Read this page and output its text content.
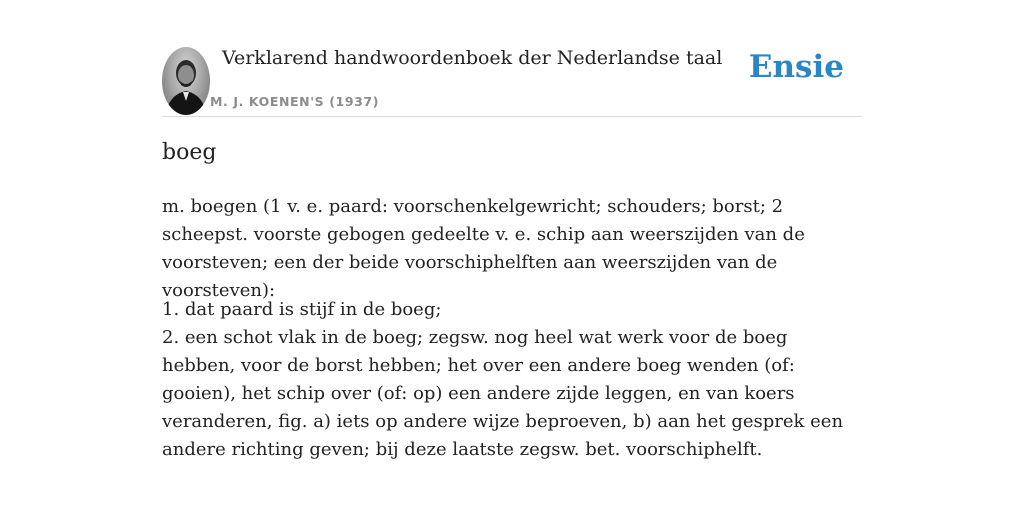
Verklarend handwoordenboek der Nederlandse taal
M. J. KOENEN'S (1937)
Ensie
boeg

m. boegen (1 v. e. paard: voorschenkelgewricht; schouders; borst; 2 scheepst. voorste gebogen gedeelte v. e. schip aan weerszijden van de voorsteven; een der beide voorschiphelften aan weerszijden van de voorsteven):

1. dat paard is stijf in de boeg;
2. een schot vlak in de boeg; zegsw. nog heel wat werk voor de boeg hebben, voor de borst hebben; het over een andere boeg wenden (of: gooien), het schip over (of: op) een andere zijde leggen, en van koers veranderen, fig. a) iets op andere wijze beproeven, b) aan het gesprek een andere richting geven; bij deze laatste zegsw. bet. voorschiphelft.
